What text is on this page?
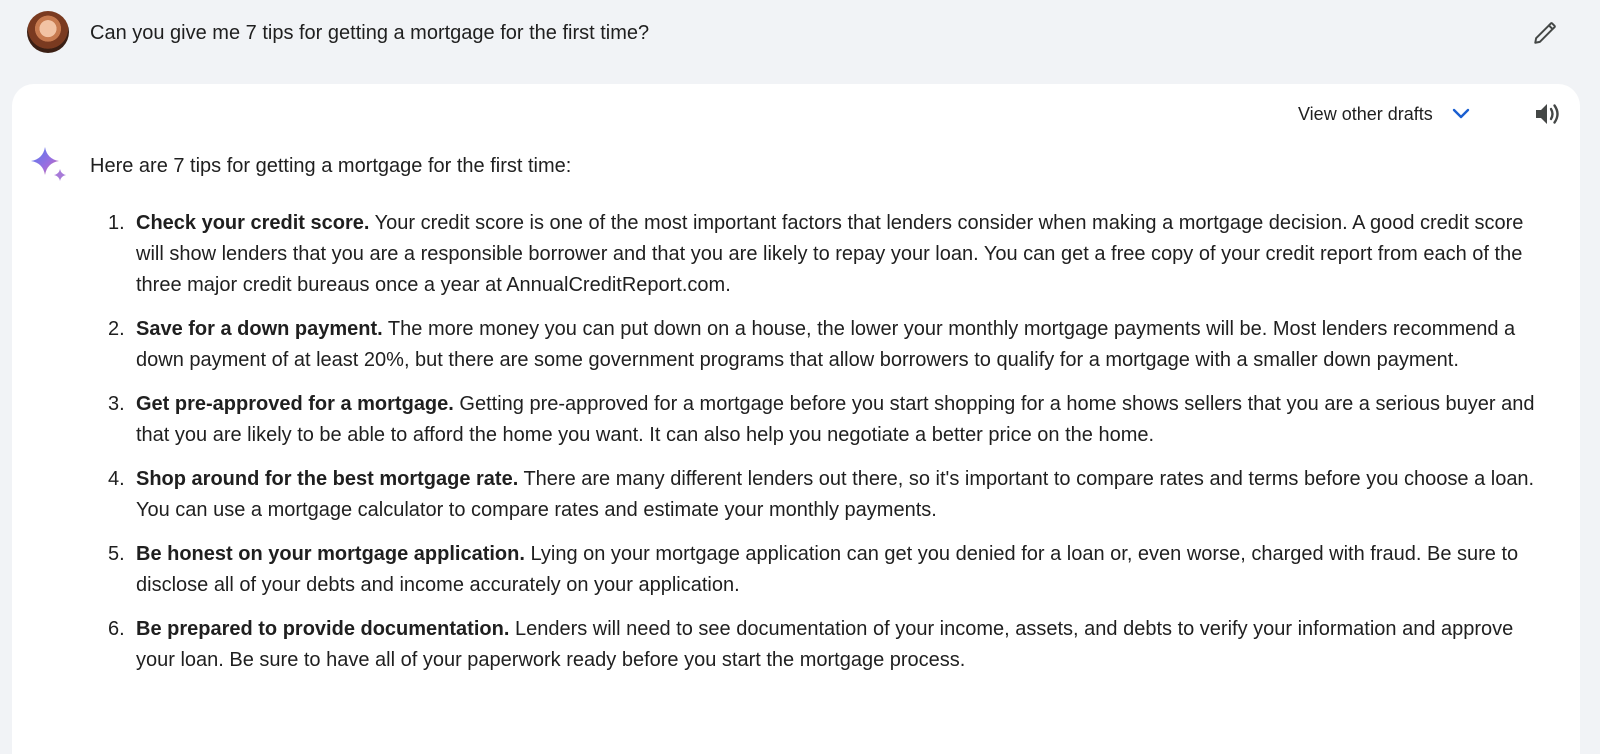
Can you give me 7 tips for getting a mortgage for the first time?
View other drafts
Here are 7 tips for getting a mortgage for the first time:
1. Check your credit score. Your credit score is one of the most important factors that lenders consider when making a mortgage decision. A good credit score will show lenders that you are a responsible borrower and that you are likely to repay your loan. You can get a free copy of your credit report from each of the three major credit bureaus once a year at AnnualCreditReport.com.
2. Save for a down payment. The more money you can put down on a house, the lower your monthly mortgage payments will be. Most lenders recommend a down payment of at least 20%, but there are some government programs that allow borrowers to qualify for a mortgage with a smaller down payment.
3. Get pre-approved for a mortgage. Getting pre-approved for a mortgage before you start shopping for a home shows sellers that you are a serious buyer and that you are likely to be able to afford the home you want. It can also help you negotiate a better price on the home.
4. Shop around for the best mortgage rate. There are many different lenders out there, so it's important to compare rates and terms before you choose a loan. You can use a mortgage calculator to compare rates and estimate your monthly payments.
5. Be honest on your mortgage application. Lying on your mortgage application can get you denied for a loan or, even worse, charged with fraud. Be sure to disclose all of your debts and income accurately on your application.
6. Be prepared to provide documentation. Lenders will need to see documentation of your income, assets, and debts to verify your information and approve your loan. Be sure to have all of your paperwork ready before you start the mortgage process.
